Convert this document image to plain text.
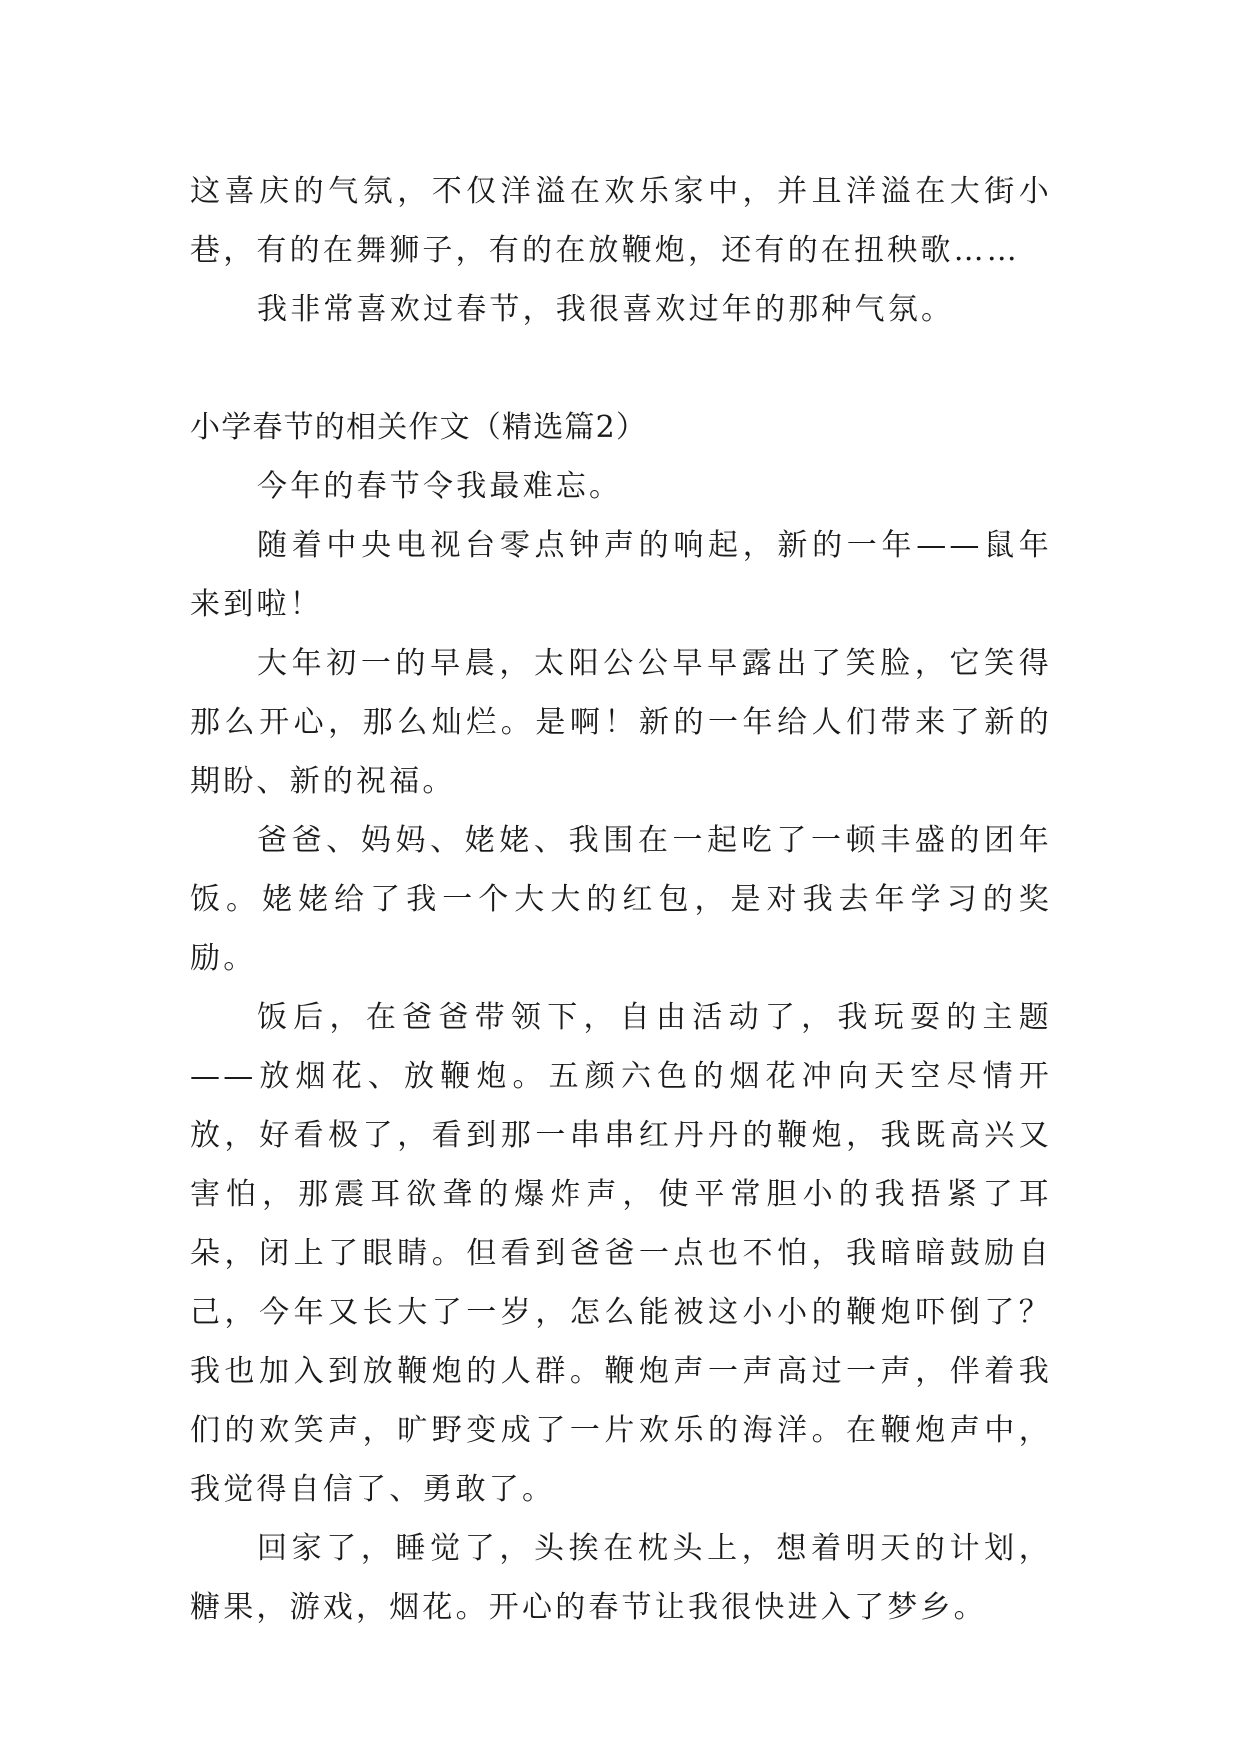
这喜庆的气氛，不仅洋溢在欢乐家中，并且洋溢在大街小巷，有的在舞狮子，有的在放鞭炮，还有的在扭秧歌……

我非常喜欢过春节，我很喜欢过年的那种气氛。

小学春节的相关作文（精选篇2）

今年的春节令我最难忘。

随着中央电视台零点钟声的响起，新的一年——鼠年来到啦！

大年初一的早晨，太阳公公早早露出了笑脸，它笑得那么开心，那么灿烂。是啊！新的一年给人们带来了新的期盼、新的祝福。

爸爸、妈妈、姥姥、我围在一起吃了一顿丰盛的团年饭。姥姥给了我一个大大的红包，是对我去年学习的奖励。

饭后，在爸爸带领下，自由活动了，我玩耍的主题——放烟花、放鞭炮。五颜六色的烟花冲向天空尽情开放，好看极了，看到那一串串红丹丹的鞭炮，我既高兴又害怕，那震耳欲聋的爆炸声，使平常胆小的我捂紧了耳朵，闭上了眼睛。但看到爸爸一点也不怕，我暗暗鼓励自己，今年又长大了一岁，怎么能被这小小的鞭炮吓倒了？我也加入到放鞭炮的人群。鞭炮声一声高过一声，伴着我们的欢笑声，旷野变成了一片欢乐的海洋。在鞭炮声中，我觉得自信了、勇敢了。

回家了，睡觉了，头挨在枕头上，想着明天的计划，糖果，游戏，烟花。开心的春节让我很快进入了梦乡。
